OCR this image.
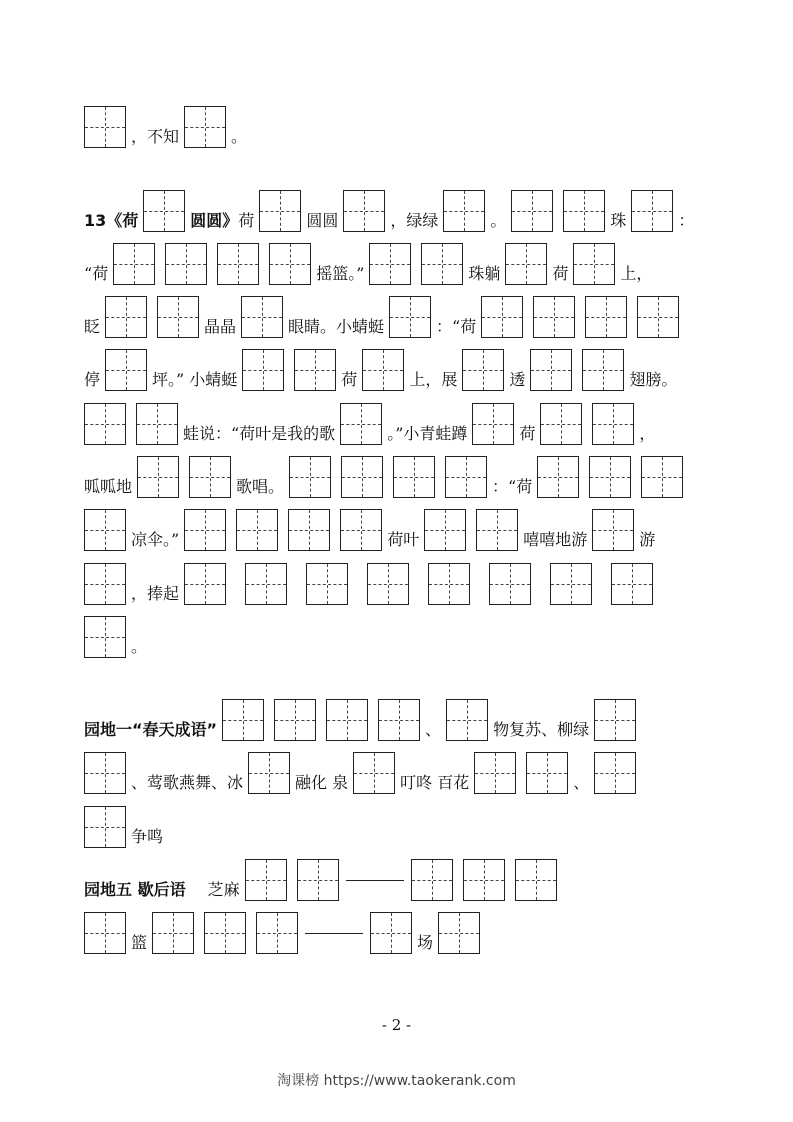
，不知	。
13《荷	圆圆》 荷	圆圆	，绿绿	。	珠	：
“荷	摇篮。”	珠躺	荷	上，
眨	晶晶	眼睛。小蜻蜓	：“荷
停	坪。” 小蜻蜓	荷	上，展	透	翅膀。
蛙说：“荷叶是我的歌	。”小青蛙蹲	荷	，
呱呱地	歌唱。	：“荷
凉伞。”	荷叶	嘻嘻地游	游
，捧起
。
园地一“春天成语”	、	物复苏、柳绿
、莺歌燕舞、冰	融化 泉	叮咚 百花	、
争鸣
园地五 歇后语 芝麻
篮	场
- 2 -
淘课榜 https://www.taokerank.com
